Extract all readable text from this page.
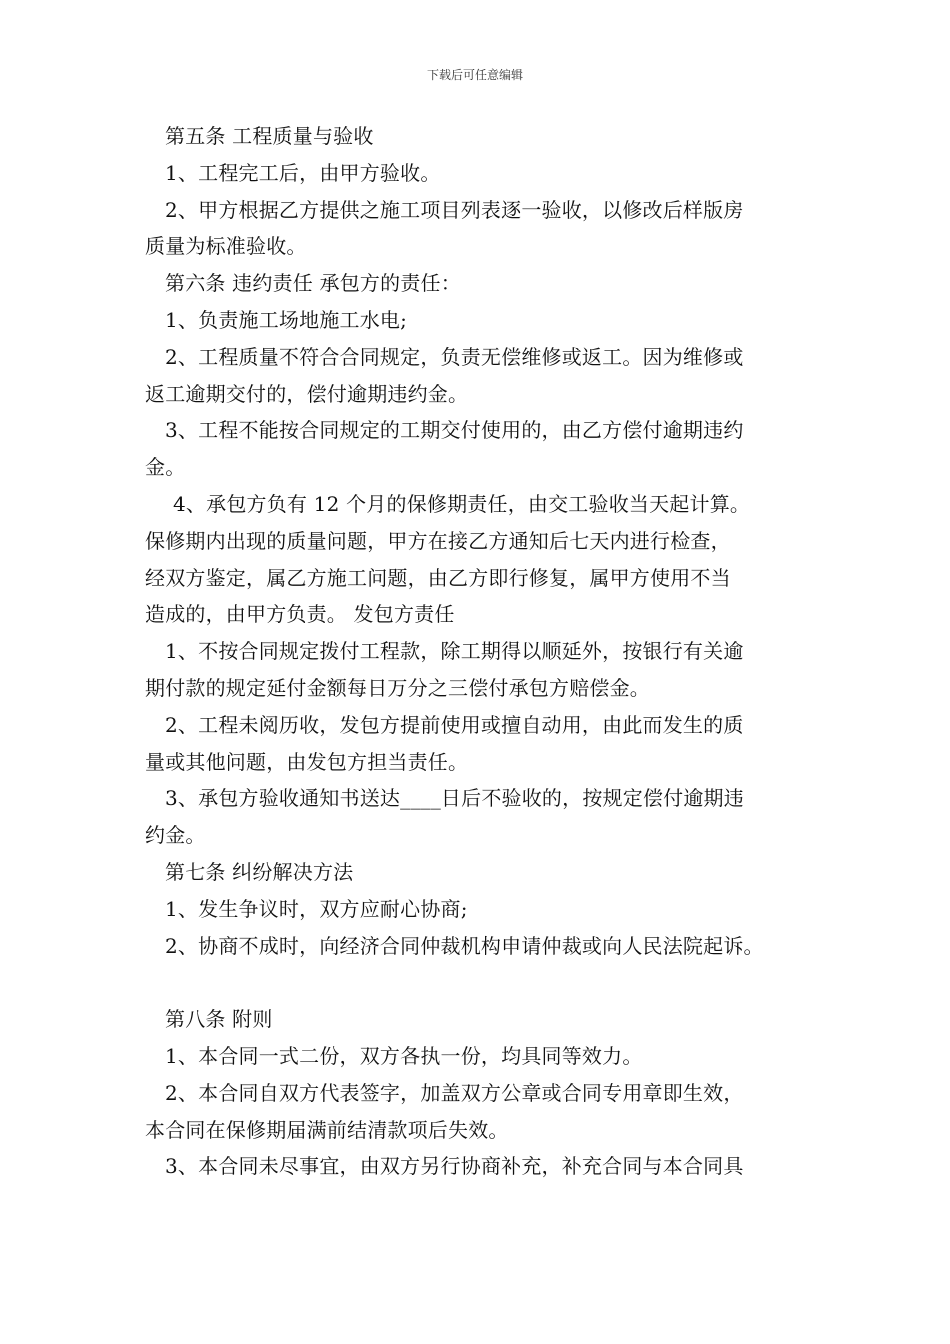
下载后可任意编辑
第五条 工程质量与验收
1、工程完工后，由甲方验收。
2、甲方根据乙方提供之施工项目列表逐一验收，以修改后样版房
质量为标准验收。
第六条 违约责任 承包方的责任：
1、负责施工场地施工水电;
2、工程质量不符合合同规定，负责无偿维修或返工。因为维修或
返工逾期交付的，偿付逾期违约金。
3、工程不能按合同规定的工期交付使用的，由乙方偿付逾期违约
金。
4、承包方负有 12 个月的保修期责任，由交工验收当天起计算。
保修期内出现的质量问题，甲方在接乙方通知后七天内进行检查，
经双方鉴定，属乙方施工问题，由乙方即行修复，属甲方使用不当
造成的，由甲方负责。 发包方责任
1、不按合同规定拨付工程款，除工期得以顺延外，按银行有关逾
期付款的规定延付金额每日万分之三偿付承包方赔偿金。
2、工程未阅历收，发包方提前使用或擅自动用，由此而发生的质
量或其他问题，由发包方担当责任。
3、承包方验收通知书送达____日后不验收的，按规定偿付逾期违
约金。
第七条 纠纷解决方法
1、发生争议时，双方应耐心协商;
2、协商不成时，向经济合同仲裁机构申请仲裁或向人民法院起诉。
第八条 附则
1、本合同一式二份，双方各执一份，均具同等效力。
2、本合同自双方代表签字，加盖双方公章或合同专用章即生效，
本合同在保修期届满前结清款项后失效。
3、本合同未尽事宜，由双方另行协商补充，补充合同与本合同具
